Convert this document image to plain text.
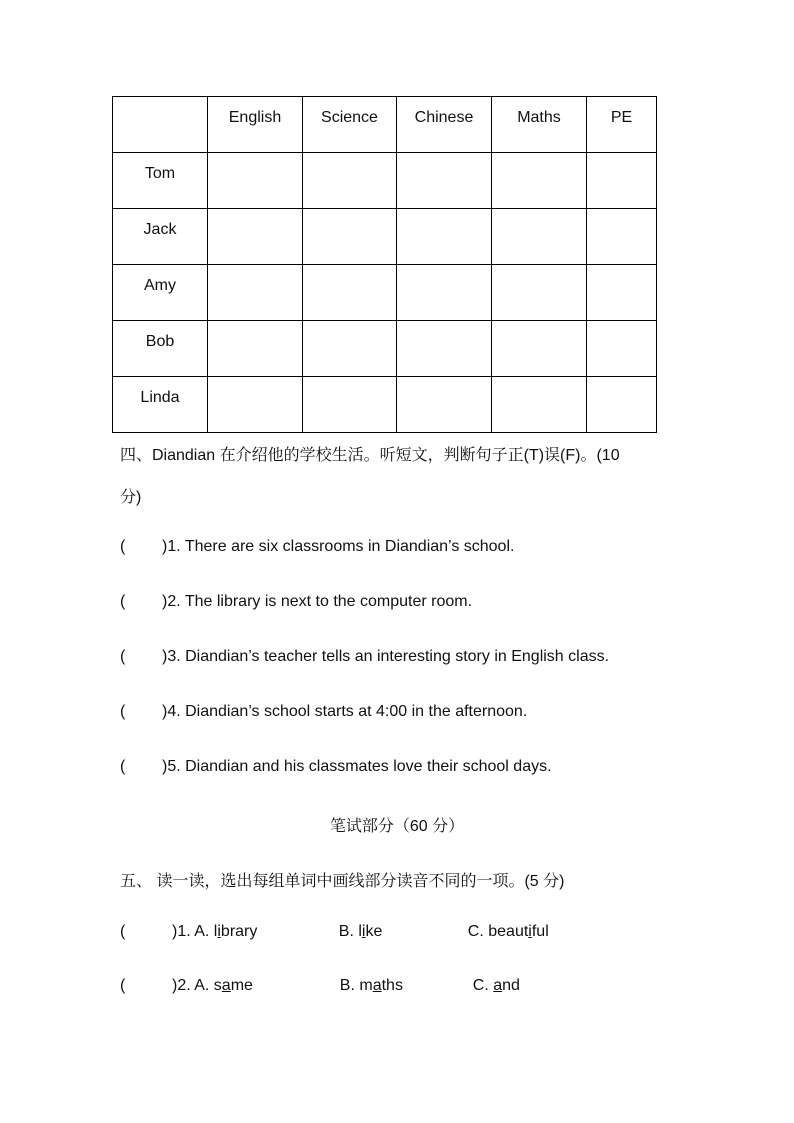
	English	Science	Chinese	Maths	PE
Tom					
Jack					
Amy					
Bob					
Linda					
四、Diandian 在介绍他的学校生活。听短文，判断句子正(T)误(F)。(10
分)
( )1. There are six classrooms in Diandian’s school.
( )2. The library is next to the computer room.
( )3. Diandian’s teacher tells an interesting story in English class.
( )4. Diandian’s school starts at 4:00 in the afternoon.
( )5. Diandian and his classmates love their school days.
笔试部分（60 分）
五、 读一读，选出每组单词中画线部分读音不同的一项。(5 分)
(	)1. A. library	B. like	C. beautiful
(	)2. A. same	B. maths	C. and
